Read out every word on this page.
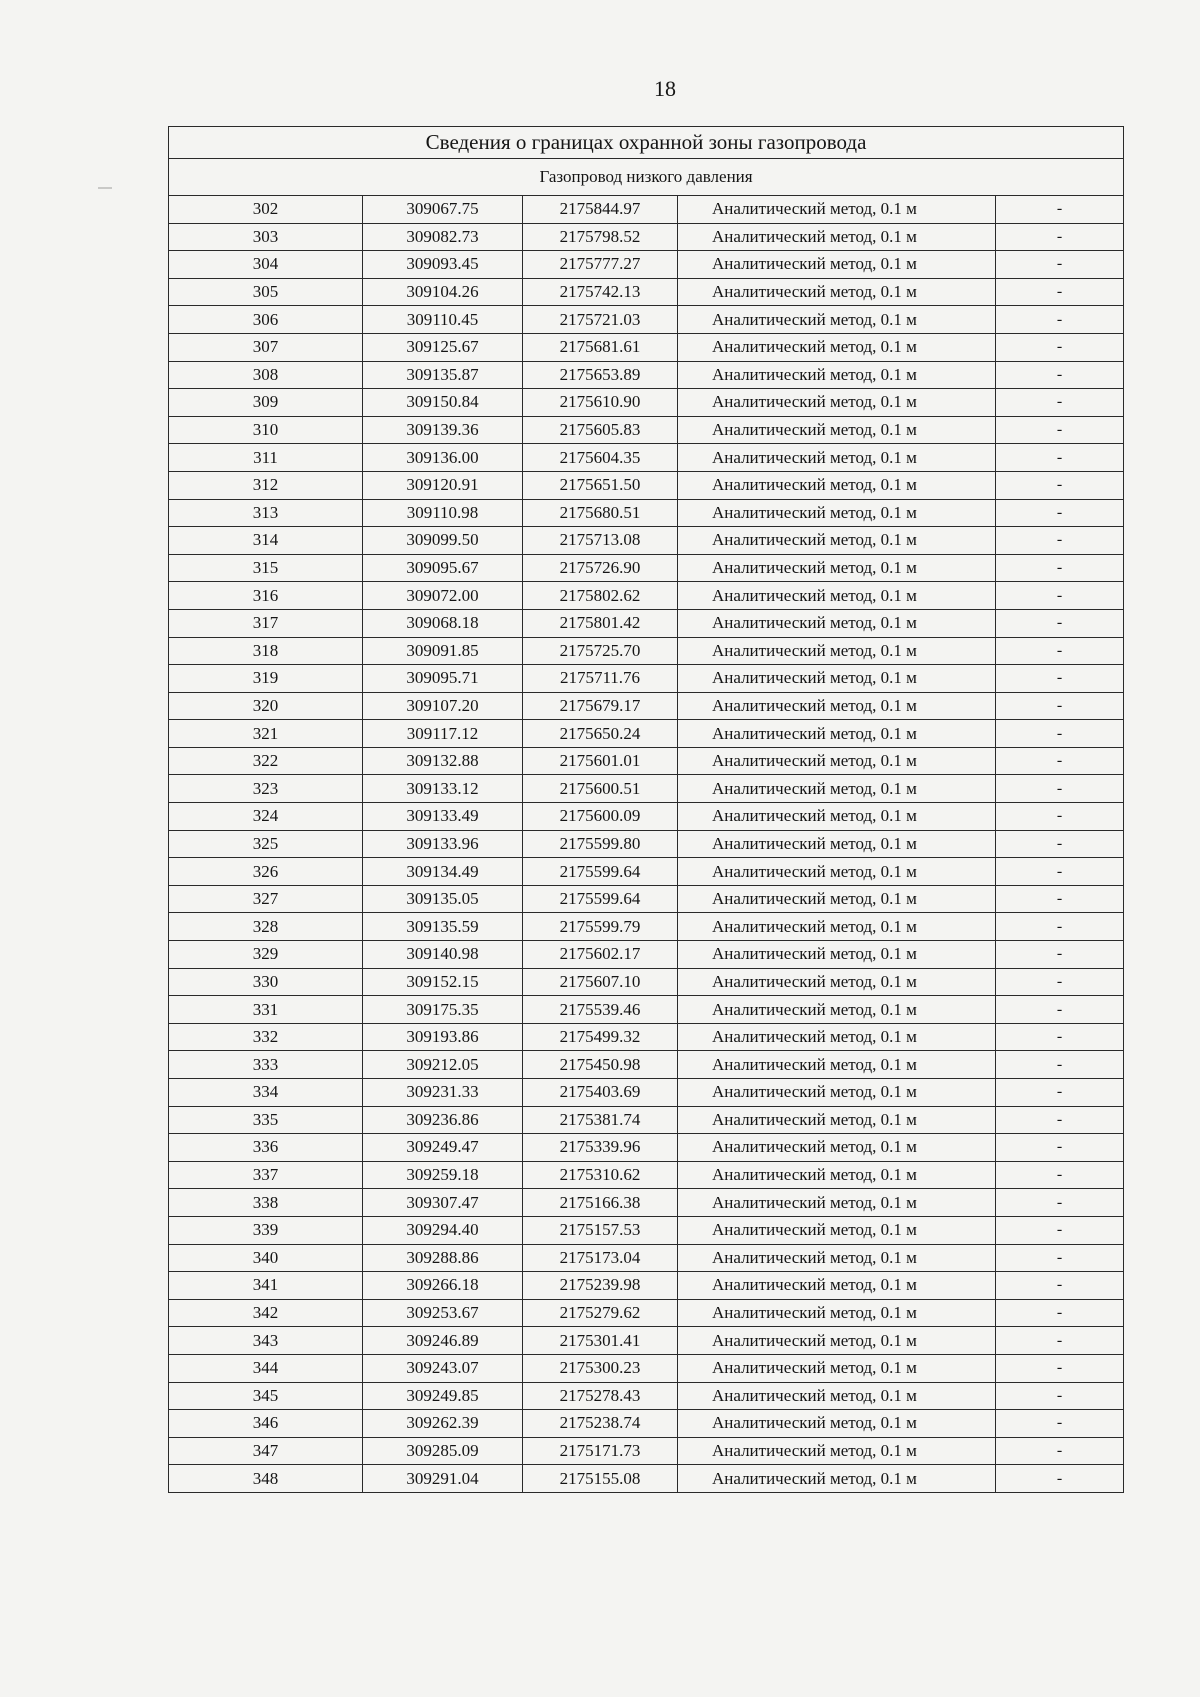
18
Сведения о границах охранной зоны газопровода				
Газопровод низкого давления				
302	309067.75	2175844.97	Аналитический метод, 0.1 м	-
303	309082.73	2175798.52	Аналитический метод, 0.1 м	-
304	309093.45	2175777.27	Аналитический метод, 0.1 м	-
305	309104.26	2175742.13	Аналитический метод, 0.1 м	-
306	309110.45	2175721.03	Аналитический метод, 0.1 м	-
307	309125.67	2175681.61	Аналитический метод, 0.1 м	-
308	309135.87	2175653.89	Аналитический метод, 0.1 м	-
309	309150.84	2175610.90	Аналитический метод, 0.1 м	-
310	309139.36	2175605.83	Аналитический метод, 0.1 м	-
311	309136.00	2175604.35	Аналитический метод, 0.1 м	-
312	309120.91	2175651.50	Аналитический метод, 0.1 м	-
313	309110.98	2175680.51	Аналитический метод, 0.1 м	-
314	309099.50	2175713.08	Аналитический метод, 0.1 м	-
315	309095.67	2175726.90	Аналитический метод, 0.1 м	-
316	309072.00	2175802.62	Аналитический метод, 0.1 м	-
317	309068.18	2175801.42	Аналитический метод, 0.1 м	-
318	309091.85	2175725.70	Аналитический метод, 0.1 м	-
319	309095.71	2175711.76	Аналитический метод, 0.1 м	-
320	309107.20	2175679.17	Аналитический метод, 0.1 м	-
321	309117.12	2175650.24	Аналитический метод, 0.1 м	-
322	309132.88	2175601.01	Аналитический метод, 0.1 м	-
323	309133.12	2175600.51	Аналитический метод, 0.1 м	-
324	309133.49	2175600.09	Аналитический метод, 0.1 м	-
325	309133.96	2175599.80	Аналитический метод, 0.1 м	-
326	309134.49	2175599.64	Аналитический метод, 0.1 м	-
327	309135.05	2175599.64	Аналитический метод, 0.1 м	-
328	309135.59	2175599.79	Аналитический метод, 0.1 м	-
329	309140.98	2175602.17	Аналитический метод, 0.1 м	-
330	309152.15	2175607.10	Аналитический метод, 0.1 м	-
331	309175.35	2175539.46	Аналитический метод, 0.1 м	-
332	309193.86	2175499.32	Аналитический метод, 0.1 м	-
333	309212.05	2175450.98	Аналитический метод, 0.1 м	-
334	309231.33	2175403.69	Аналитический метод, 0.1 м	-
335	309236.86	2175381.74	Аналитический метод, 0.1 м	-
336	309249.47	2175339.96	Аналитический метод, 0.1 м	-
337	309259.18	2175310.62	Аналитический метод, 0.1 м	-
338	309307.47	2175166.38	Аналитический метод, 0.1 м	-
339	309294.40	2175157.53	Аналитический метод, 0.1 м	-
340	309288.86	2175173.04	Аналитический метод, 0.1 м	-
341	309266.18	2175239.98	Аналитический метод, 0.1 м	-
342	309253.67	2175279.62	Аналитический метод, 0.1 м	-
343	309246.89	2175301.41	Аналитический метод, 0.1 м	-
344	309243.07	2175300.23	Аналитический метод, 0.1 м	-
345	309249.85	2175278.43	Аналитический метод, 0.1 м	-
346	309262.39	2175238.74	Аналитический метод, 0.1 м	-
347	309285.09	2175171.73	Аналитический метод, 0.1 м	-
348	309291.04	2175155.08	Аналитический метод, 0.1 м	-
